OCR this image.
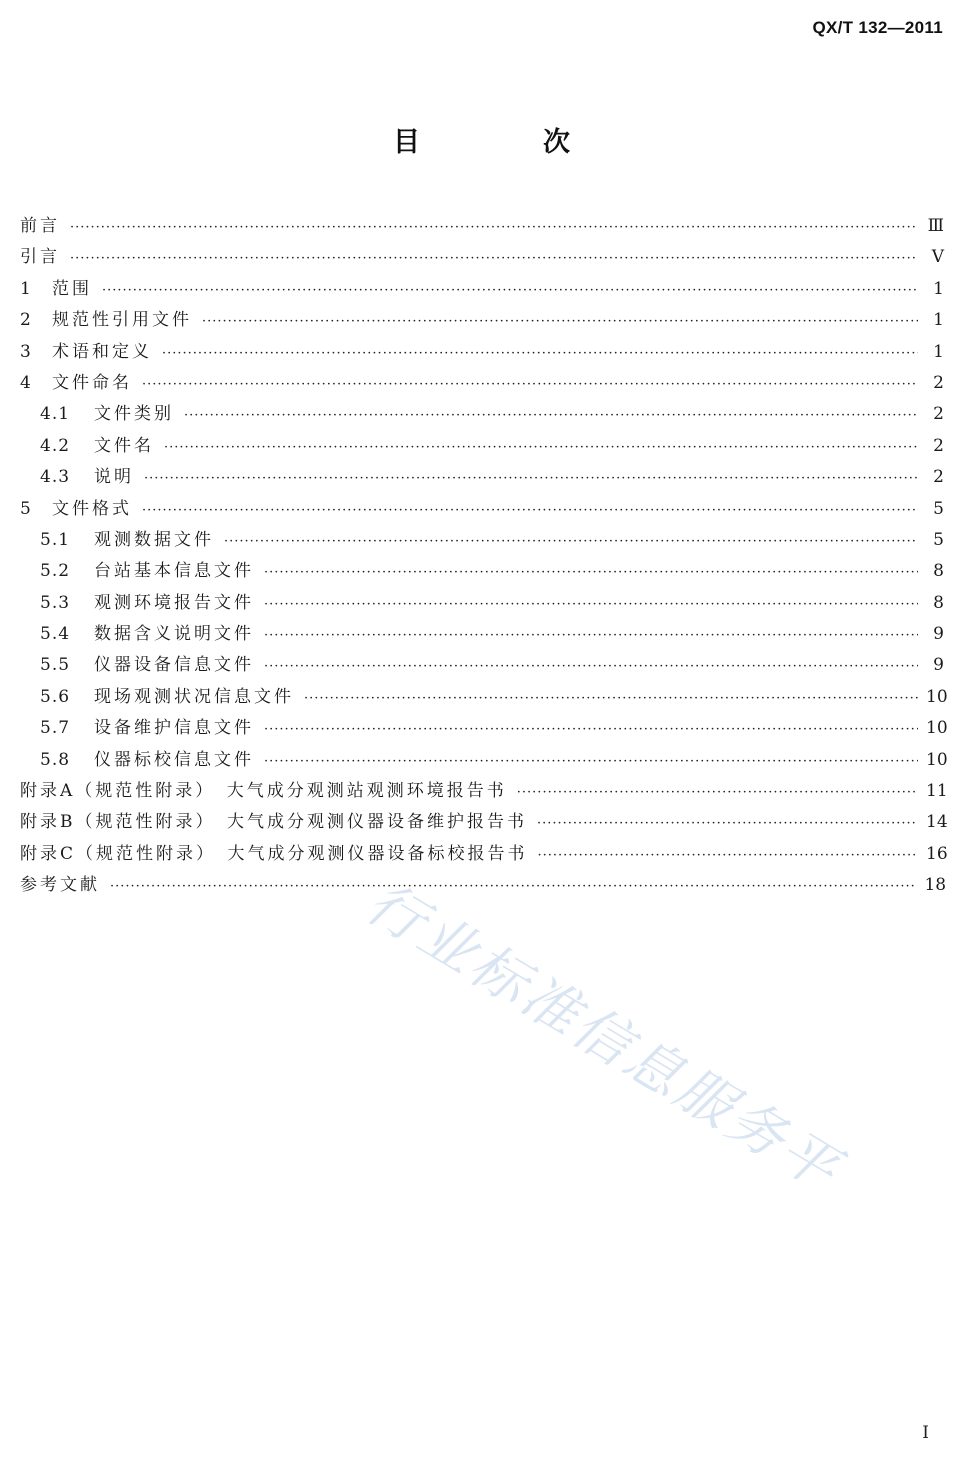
QX/T 132—2011
目　次
前言 ·····	Ⅲ
引言 ·····	Ⅴ
1	范围 ·····	1
2	规范性引用文件 ·····	1
3	术语和定义 ·····	1
4	文件命名 ·····	2
4.1	文件类别 ·····	2
4.2	文件名 ·····	2
4.3	说明 ·····	2
5	文件格式 ·····	5
5.1	观测数据文件 ·····	5
5.2	台站基本信息文件 ·····	8
5.3	观测环境报告文件 ·····	8
5.4	数据含义说明文件 ·····	9
5.5	仪器设备信息文件 ·····	9
5.6	现场观测状况信息文件 ·····	10
5.7	设备维护信息文件 ·····	10
5.8	仪器标校信息文件 ·····	10
附录A（规范性附录）　大气成分观测站观测环境报告书 ·····	11
附录B（规范性附录）　大气成分观测仪器设备维护报告书 ·····	14
附录C（规范性附录）　大气成分观测仪器设备标校报告书 ·····	16
参考文献 ·····	18
行业标准信息服务平
I
